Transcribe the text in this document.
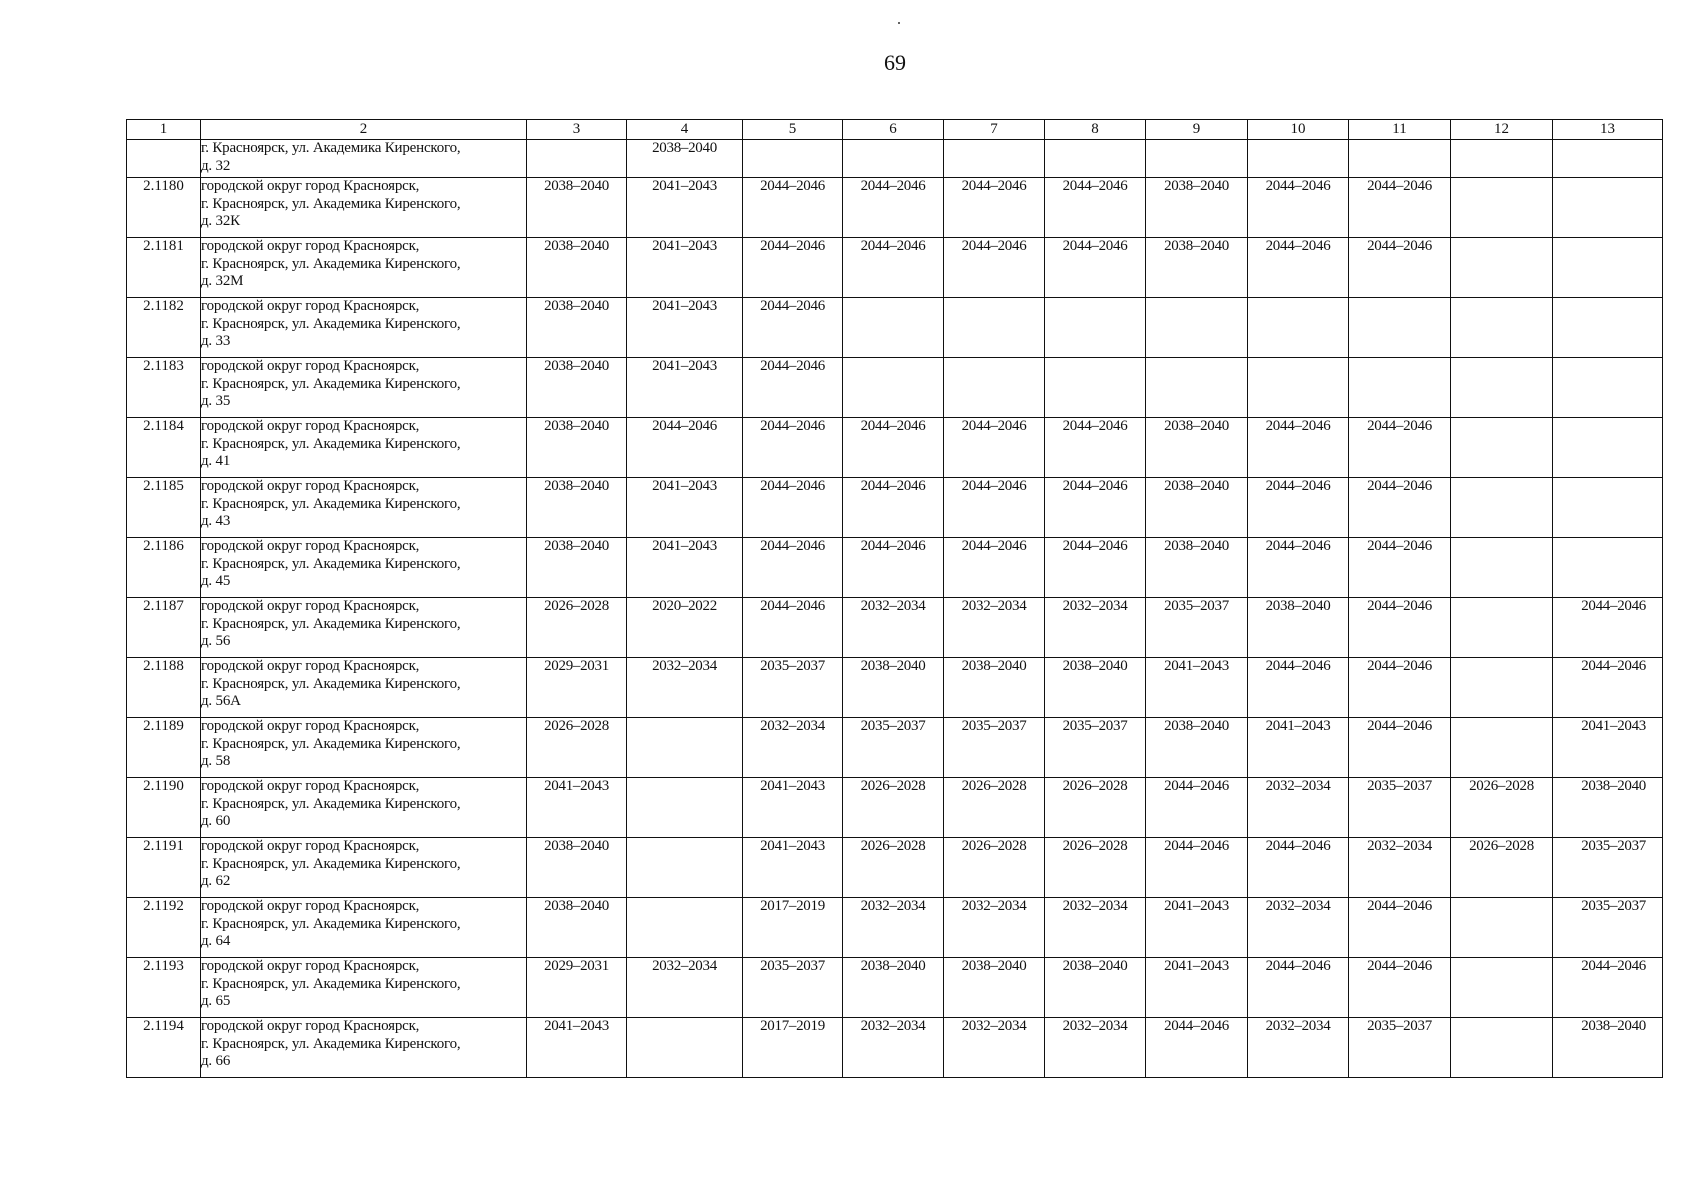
69
1	2	3	4	5	6	7	8	9	10	11	12	13
	г. Красноярск, ул. Академика Киренского,
д. 32		2038–2040									
2.1180	городской округ город Красноярск,
г. Красноярск, ул. Академика Киренского,
д. 32К	2038–2040	2041–2043	2044–2046	2044–2046	2044–2046	2044–2046	2038–2040	2044–2046	2044–2046		
2.1181	городской округ город Красноярск,
г. Красноярск, ул. Академика Киренского,
д. 32М	2038–2040	2041–2043	2044–2046	2044–2046	2044–2046	2044–2046	2038–2040	2044–2046	2044–2046		
2.1182	городской округ город Красноярск,
г. Красноярск, ул. Академика Киренского,
д. 33	2038–2040	2041–2043	2044–2046								
2.1183	городской округ город Красноярск,
г. Красноярск, ул. Академика Киренского,
д. 35	2038–2040	2041–2043	2044–2046								
2.1184	городской округ город Красноярск,
г. Красноярск, ул. Академика Киренского,
д. 41	2038–2040	2044–2046	2044–2046	2044–2046	2044–2046	2044–2046	2038–2040	2044–2046	2044–2046		
2.1185	городской округ город Красноярск,
г. Красноярск, ул. Академика Киренского,
д. 43	2038–2040	2041–2043	2044–2046	2044–2046	2044–2046	2044–2046	2038–2040	2044–2046	2044–2046		
2.1186	городской округ город Красноярск,
г. Красноярск, ул. Академика Киренского,
д. 45	2038–2040	2041–2043	2044–2046	2044–2046	2044–2046	2044–2046	2038–2040	2044–2046	2044–2046		
2.1187	городской округ город Красноярск,
г. Красноярск, ул. Академика Киренского,
д. 56	2026–2028	2020–2022	2044–2046	2032–2034	2032–2034	2032–2034	2035–2037	2038–2040	2044–2046		2044–2046
2.1188	городской округ город Красноярск,
г. Красноярск, ул. Академика Киренского,
д. 56А	2029–2031	2032–2034	2035–2037	2038–2040	2038–2040	2038–2040	2041–2043	2044–2046	2044–2046		2044–2046
2.1189	городской округ город Красноярск,
г. Красноярск, ул. Академика Киренского,
д. 58	2026–2028		2032–2034	2035–2037	2035–2037	2035–2037	2038–2040	2041–2043	2044–2046		2041–2043
2.1190	городской округ город Красноярск,
г. Красноярск, ул. Академика Киренского,
д. 60	2041–2043		2041–2043	2026–2028	2026–2028	2026–2028	2044–2046	2032–2034	2035–2037	2026–2028	2038–2040
2.1191	городской округ город Красноярск,
г. Красноярск, ул. Академика Киренского,
д. 62	2038–2040		2041–2043	2026–2028	2026–2028	2026–2028	2044–2046	2044–2046	2032–2034	2026–2028	2035–2037
2.1192	городской округ город Красноярск,
г. Красноярск, ул. Академика Киренского,
д. 64	2038–2040		2017–2019	2032–2034	2032–2034	2032–2034	2041–2043	2032–2034	2044–2046		2035–2037
2.1193	городской округ город Красноярск,
г. Красноярск, ул. Академика Киренского,
д. 65	2029–2031	2032–2034	2035–2037	2038–2040	2038–2040	2038–2040	2041–2043	2044–2046	2044–2046		2044–2046
2.1194	городской округ город Красноярск,
г. Красноярск, ул. Академика Киренского,
д. 66	2041–2043		2017–2019	2032–2034	2032–2034	2032–2034	2044–2046	2032–2034	2035–2037		2038–2040
